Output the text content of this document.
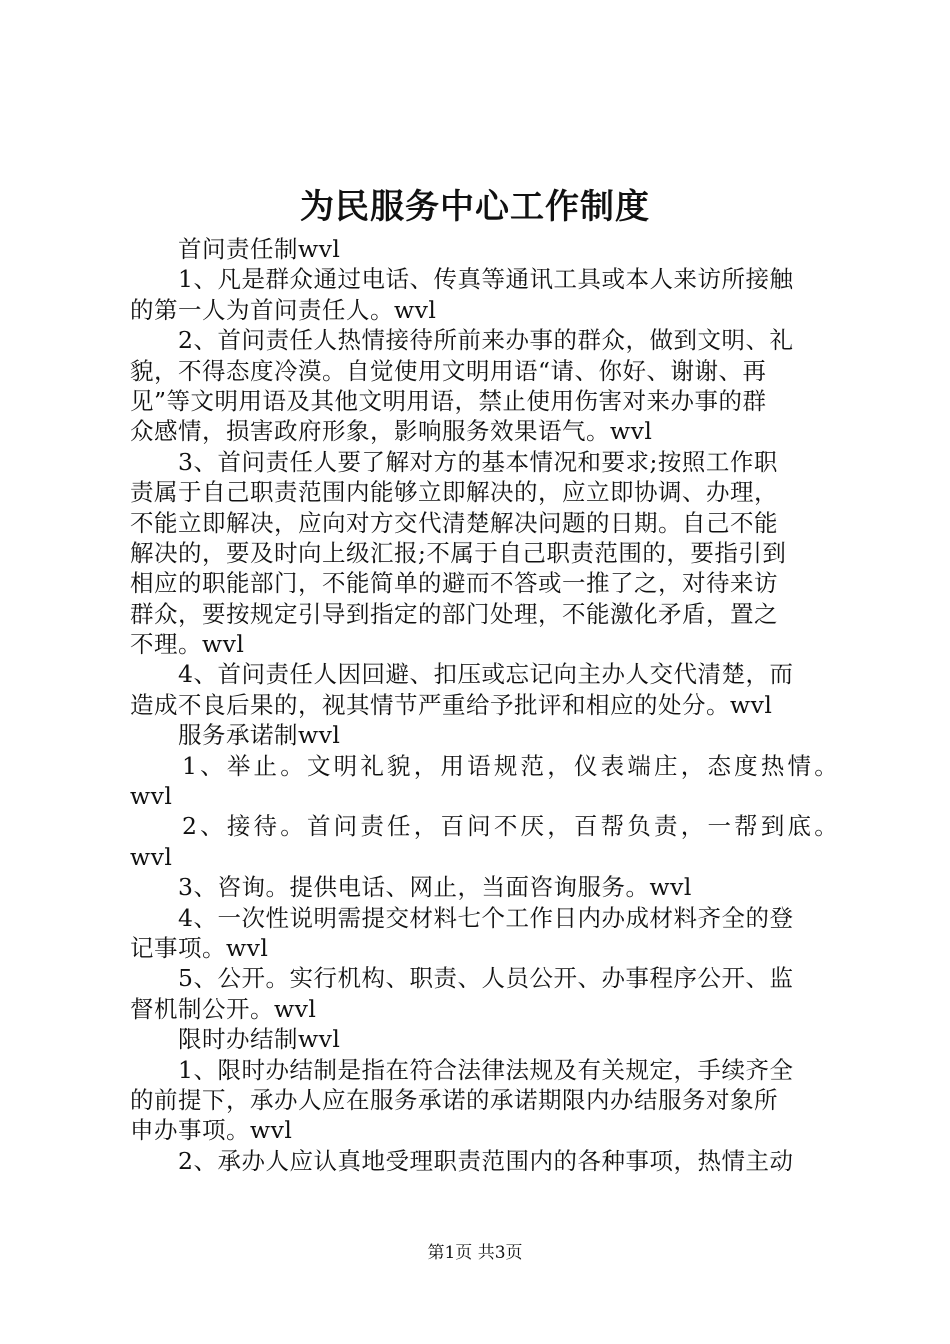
为民服务中心工作制度
首问责任制wvl
1、凡是群众通过电话、传真等通讯工具或本人来访所接触
的第一人为首问责任人。wvl
2、首问责任人热情接待所前来办事的群众，做到文明、礼
貌，不得态度冷漠。自觉使用文明用语“请、你好、谢谢、再
见”等文明用语及其他文明用语，禁止使用伤害对来办事的群
众感情，损害政府形象，影响服务效果语气。wvl
3、首问责任人要了解对方的基本情况和要求;按照工作职
责属于自己职责范围内能够立即解决的，应立即协调、办理，
不能立即解决，应向对方交代清楚解决问题的日期。自己不能
解决的，要及时向上级汇报;不属于自己职责范围的，要指引到
相应的职能部门，不能简单的避而不答或一推了之，对待来访
群众，要按规定引导到指定的部门处理，不能激化矛盾，置之
不理。wvl
4、首问责任人因回避、扣压或忘记向主办人交代清楚，而
造成不良后果的，视其情节严重给予批评和相应的处分。wvl
服务承诺制wvl
1、举止。文明礼貌，用语规范，仪表端庄，态度热情。
wvl
2、接待。首问责任，百问不厌，百帮负责，一帮到底。
wvl
3、咨询。提供电话、网止，当面咨询服务。wvl
4、一次性说明需提交材料七个工作日内办成材料齐全的登
记事项。wvl
5、公开。实行机构、职责、人员公开、办事程序公开、监
督机制公开。wvl
限时办结制wvl
1、限时办结制是指在符合法律法规及有关规定，手续齐全
的前提下，承办人应在服务承诺的承诺期限内办结服务对象所
申办事项。wvl
2、承办人应认真地受理职责范围内的各种事项，热情主动
第1页 共3页
